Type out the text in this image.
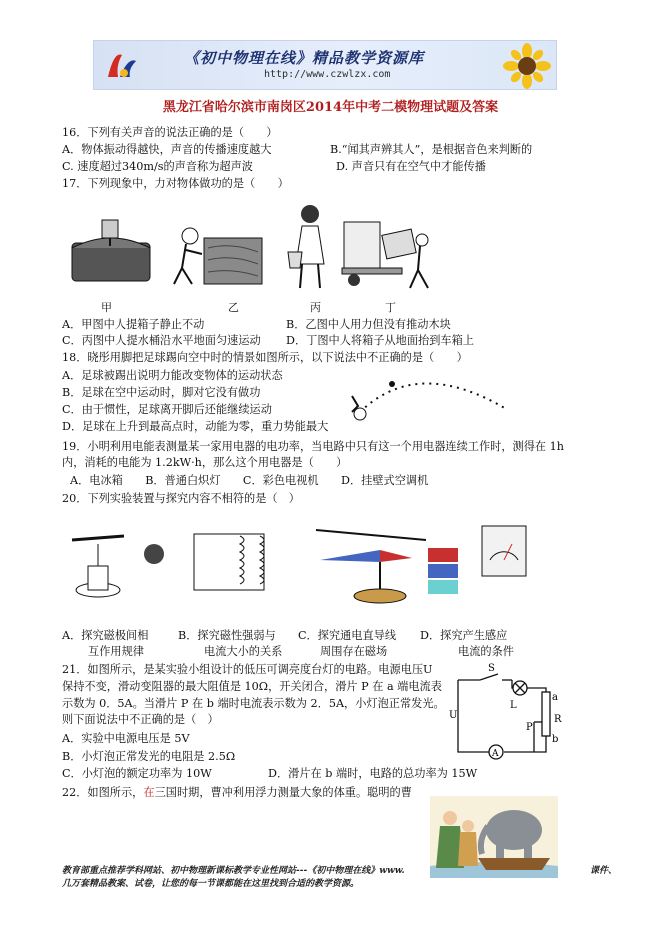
《初中物理在线》精品教学资源库
http://www.czwlzx.com
黑龙江省哈尔滨市南岗区2014年中考二模物理试题及答案
16．下列有关声音的说法正确的是（　　）
A．物体振动得越快，声音的传播速度越大	B.“闻其声辨其人”，是根据音色来判断的
C. 速度超过340m/s的声音称为超声波	D. 声音只有在空气中才能传播
17．下列现象中，力对物体做功的是（　　）
甲	乙	丙	丁
A．甲图中人提箱子静止不动	B．乙图中人用力但没有推动木块
C．丙图中人提水桶沿水平地面匀速运动 D．丁图中人将箱子从地面抬到车箱上
18．晓彤用脚把足球踢向空中时的情景如图所示，以下说法中不正确的是（　　）
A．足球被踢出说明力能改变物体的运动状态
B．足球在空中运动时，脚对它没有做功
C．由于惯性，足球离开脚后还能继续运动
D．足球在上升到最高点时，动能为零，重力势能最大
19．小明利用电能表测量某一家用电器的电功率，当电路中只有这一个用电器连续工作时，测得在 1h
内，消耗的电能为 1.2kW·h，那么这个用电器是（　　）
A．电冰箱　　B．普通白炽灯　　C．彩色电视机　　D．挂壁式空调机
20．下列实验装置与探究内容不相符的是（　）
A．探究磁极间相
互作用规律
B．探究磁性强弱与
电流大小的关系
C．探究通电直导线
周围存在磁场
D．探究产生感应
电流的条件
21．如图所示，是某实验小组设计的低压可调亮度台灯的电路。电源电压U
保持不变，滑动变阻器的最大阻值是 10Ω，开关闭合，滑片 P 在 a 端电流表
示数为 0．5A。当滑片 P 在 b 端时电流表示数为 2．5A，小灯泡正常发光。
则下面说法中不正确的是（　）
A．实验中电源电压是 5V
B．小灯泡正常发光的电阻是 2.5Ω
C．小灯泡的额定功率为 10W	D．滑片在 b 端时，电路的总功率为 15W
S
L
a
R
P
b
U
A
22．如图所示，在三国时期，曹冲利用浮力测量大象的体重。聪明的曹
教育部重点推荐学科网站、初中物理新课标教学专业性网站---《初中物理在线》www.	课件、
几万套精品教案、试卷，让您的每一节课都能在这里找到合适的教学资源。
